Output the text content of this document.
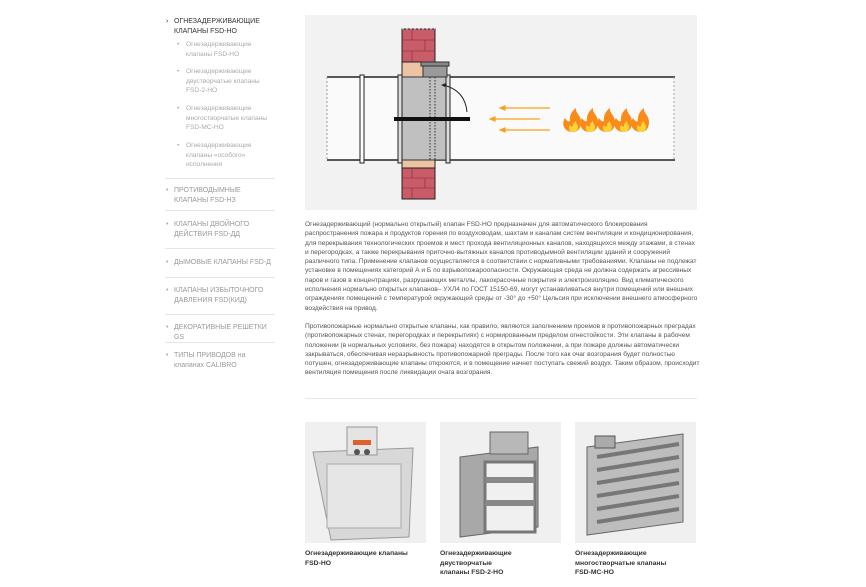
› ОГНЕЗАДЕРЖИВАЮЩИЕ КЛАПАНЫ FSD-НО
• Огнезадерживающие клапаны FSD-НО
• Огнезадерживающие двустворчатые клапаны FSD-2-НО
• Огнезадерживающие многостворчатые клапаны FSD-МС-НО
• Огнезадерживающие клапаны «особого» исполнения
• ПРОТИВОДЫМНЫЕ КЛАПАНЫ FSD-НЗ
• КЛАПАНЫ ДВОЙНОГО ДЕЙСТВИЯ FSD-ДД
• ДЫМОВЫЕ КЛАПАНЫ FSD-Д
• КЛАПАНЫ ИЗБЫТОЧНОГО ДАВЛЕНИЯ FSD(КИД)
• ДЕКОРАТИВНЫЕ РЕШЕТКИ GS
• ТИПЫ ПРИВОДОВ на клапанах CALIBRO

Огнезадерживающий (нормально открытый) клапан FSD-НО предназначен для автоматического блокирования распространения пожара и продуктов горения по воздуховодам, шахтам и каналам систем вентиляции и кондиционирования, для перекрывания технологических проемов и мест прохода вентиляционных каналов, находящихся между этажами, в стенах и перегородках, а также перекрывания приточно-вытяжных каналов противодымной вентиляции зданий и сооружений различного типа. Применение клапанов осуществляется в соответствии с нормативными требованиями. Клапаны не подлежат установке в помещениях категорий А и Б по взрывопожароопасности. Окружающая среда не должна содержать агрессивных паров и газов в концентрациях, разрушающих металлы, лакокрасочные покрытия и электроизоляцию. Вид климатического исполнения нормально открытых клапанов– УХЛ4 по ГОСТ 15150-69, могут устанавливаться внутри помещений или внешних ограждениях помещений с температурой окружающей среды от -30° до +50° Цельсия при исключении внешнего атмосферного воздействия на привод.

Противопожарные нормально открытые клапаны, как правило, являются заполнением проемов в противопожарных преградах (противопожарных стенах, перегородках и перекрытиях) с нормированным пределом огнестойкости. Эти клапаны в рабочем положении (в нормальных условиях, без пожара) находятся в открытом положении, а при пожаре должны автоматически закрываться, обеспечивая неразрывность противопожарной преграды. После того как очаг возгорания будет полностью потушен, огнезадерживающие клапаны откроются, и в помещение начнет поступать свежий воздух. Таким образом, происходит вентиляция помещения после ликвидации очага возгорания.

Огнезадерживающие клапаны
FSD-НО
Огнезадерживающие двустворчатые
клапаны FSD-2-НО
Огнезадерживающие многостворчатые клапаны
FSD-МС-НО
